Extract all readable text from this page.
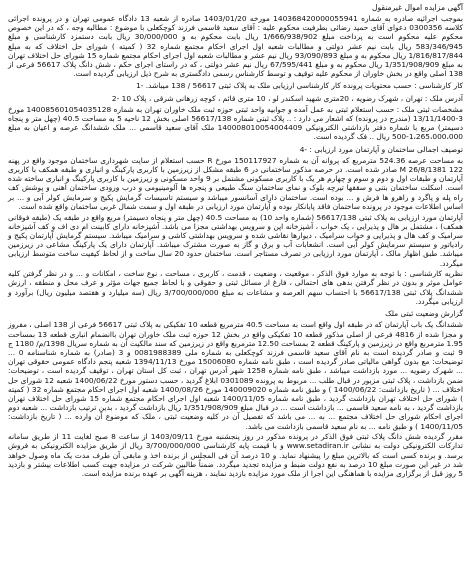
آگهی مزایده اموال غیرمنقول

بموجب اجرائیه صادره به شماره 140368420000055941 مورخه 1403/01/20 صادره از شعبه 13 دادگاه عمومی تهران و در پرونده اجرائی کلاسه 0300356 دعوای آقای حمید رضائی بطرفیت محکوم علیه : آقای سعید قاسمی فرزند کوچکعلی با موضوع : مطالبه وجه ، که در این خصوص محکوم علیه محکوم است به پرداخت مبلغ 1/666/938/902 ریال بابت محکوم به و 30/000/000 ریال بابت دستمزد کارشناسی و مبلغ 583/346/945 ریال بابت نیم عشر دولتی و مطالبات شعبه اول اجرای احکام مجتمع شماره 32 ( کمیته ) شورای حل اختلاف که به مبلغ 1/816/817/844 ریال محکوم به و مبلغ 93/090/893 ریال نیم عشر و مطالبات شعبه اول اجرای احکام مجتمع شماره 15 شورای حل اختلاف تهران به مبلغ 1/351/908/909 ریال محکوم به و مبلغ 67/595/441 ریال نیم عشر دولتی ، که در راستای اجرای حکم ، شش دانگ پلاک 56617 فرعی از 138 اصلی واقع در بخش خاوران از محکوم علیه توقیف و توسط کارشناس رسمی دادگستری به شرح ذیل ارزیابی گردیده است.

کار کارشناسی : حسب محتویات پرونده کار کارشناسی ارزیابی ملک به پلاک ثبتی 56617 / 138 میباشد. -1

آدرس ملک : تهران ، شهرک رضویه ، 20متری شهید اسکندر لو ، 10 متری قائم ، کوچه زرهانی شرقی ، پلاک 10 -2

مشخصات ثبتی ملک : حسب استعلام ثبتی به عمل آمده و جوابیه واحد ثبتی حوزه ثبت ملک خاوران تهران به شماره 140085601054035128 مورخ 3-13/11/1400 (مندرج در پرونده) که اشعار می دارد : .. پلاک ثبتی شماره 56617/138 اصلی بخش 12 ناحیه 5 به مساحت 40.5 (چهل متر و پنجاه دسیمتر) مربع با شماره دفتر بازداشتی الکترونیکی 140008010054004409 ملک آقای سعید قاسمی ... ملک ششدانگ عرصه و اعیان به مبلغ 1،265،000،000-500 ریال .. فک گردیده است.

توصیف اجمالی ساختمان و آپارتمان مورد ارزیابی : -4

به مساحت عرصه 524.36 مترمربع که پروانه آن به شماره 150117927 مورخ R حسب استعلام از سایت شهرداری ساختمان موجود واقع در پهنه 122 M 26/8/1381 صادر شده است. در حرصه مذکور ساختمانی در 6 طبقه مشکل از زیرزمین با کاربری پارکینگ و انباری و طبقه همکف با کاربری آپارتمان و طبقات اول و دوم و سوم و چهارم هر یک با کاربری مسکونی مشتمل بر 9 واحد مسکونی و زیرزمین با کاربری پارکینگ و انباری ساخته شده است. اسکلت ساختمان بتنی و سقفها تیرچه بلوک و نمای ساختمان سنگ طبیعی و پنجره ها آلومینیومی و درب ورودی ساختمان آهنی و پوشش کف راه پله و پاگرد و راهرو ها فرش و ... بوده است. ساختمان دارای آسانسور میباشد و سیستم تاسیسات گرمایش پکیج و سرمایش کولر آبی و ... بر اساس اطلاعات موجود در پرونده ساختمان فاقد پایانکار بوده و آپارتمان مورد ارزیابی در طبقه اول و سمت شمال غربی ساختمان واقع شده است.

آپارتمان مورد ارزیابی به پلاک ثبتی 56617/138 (شماره واحد 10) به مساحت 40.5 (چهل متر و پنجاه دسیمتر) مربع واقع در طبقه یک (طبقه فوقانی همکف) ، مشتمل بر هال و پذیرایی ، یک خواب ، آشپزخانه اپن و سرویس بهداشتی مجزا می باشد. آشپزخانه دارای کابینت ام دی اف و کف آشپزخانه سرامیک و کف هال و پذیرایی و خواب سرامیک ، دیوارها نقاشی شده و سرویس بهداشتی کاشی و سرامیک میباشد. سیستم گرمایش آپارتمان پکیج و رادیاتور و سیستم سرمایش کولر آبی است. انشعابات آب و برق و گاز به صورت مشترک میباشد. آپارتمان دارای یک پارکینگ مشاعی در زیرزمین میباشد. طبق اظهار مالک ، آپارتمان مورد ارزیابی در تصرف مستاجر است. ساختمان حدود 20 سال ساخت و از لحاظ کیفیت ساخت متوسط ارزیابی میگردد.

نظریه کارشناسی : با توجه به موارد فوق الذکر ، موقعیت ، وضعیت ، قدمت ، کاربری ، مساحت ، نوع ساخت ، امکانات و ... و در نظر گرفتن کلیه عوامل موثر و بدون در نظر گرفتن بدهی های احتمالی ، فارغ از مسائل ثبتی و حقوقی و با لحاظ جمیع جهات مؤثر و عرف محل و منطقه ، ارزش ششدانگ پلاک ثبتی 56617/138 با احتساب سهم العرصه و مشاعات به مبلغ 3/700/000/000 ریال (سه میلیارد و هفتصد میلیون ریال) برآورد و ارزیابی میگردد.

گزارش وضعیت ثبتی ملک

ششدانگ یک باب آپارتمان که در طبقه اول واقع است به مساحت 40.5 مترمربع قطعه 10 تفکیکی به پلاک ثبتی 56617 فرعی از 138 اصلی ، مفروز و مجزا شده از 4816 فرعی از اصلی مذکور قطعه 10 تفکیکی واقع در بخش 12 حوزه ثبت ملک خاوران تهران باانضمام انباری قطعه 13 بمساحت 1.95 مترمربع واقع در زیرزمین و پارکینگ قطعه 2 بمساحت 12.50 مترمربع واقع در زیرزمین که سند مالکیت آن به شماره سریال 1398/م/ 1180 ج 9 ثبت و صادر گردیده است به نام آقای سعید قاسمی فرزند کوچکعلی به شماره ملی 0081988389 و 3 (صادر) به شماره شناسنامه 0 ... توضیحات: مع بدون گواهی مالیاتی صادر گردیده است ، طبق نامه شماره 15006080 مورخ 1394/11/13 شعبه پنجم دادگاه عمومی حقوقی تهران ... شهرک رضویه ... مورد بازداشت میباشد ، طبق نامه شماره 1258 شهر آدرس تهران ، ثبت کل استان تهران ، توقیف گردیده است ، توضیحات: ضمن بازداشت ، پلاک ثبتی مزبور در قبال طلب ... مربوط به پرونده 0301089 ابلاغ گردید ، حسب دستور مورخ 1400/06/22 شعبه 12 شورای حل اختلاف ... ( تاریخ بازداشت: 1400/06/22 ) و طبق نامه شماره 140009020 مورخ 1400/08/26 شعبه اول اجرای احکام مجتمع شماره 32 ( کمیته ) شورای حل اختلاف تهران بازداشت گردید ، طبق نامه شماره 1400/11/05 شعبه اول اجرای احکام مجتمع شماره 15 شورای حل اختلاف تهران بازداشت گردید ، به نامه سعید قاسمی ... بازداشت است ... در قبال مبلغ 1/351/908/909 ریال بازداشت گردید ، بدین ترتیب بازداشت ... شعبه دوم اجرای احکام شورای حل اختلاف مجتمع ... به ... می باشد که تفصیل آن در کلیه وضعیت ثبتی ، ملک که موضوع آن وارده ... ( تاریخ بازداشت: 1400/11/05 ) و طبق نامه ... به نام سعید قاسمی بازداشت می باشد.

مقرر گردیده شش دانگ پلاک ثبتی فوق الذکر در پرونده مذکور در روز پنجشنبه مورخ 1403/09/11 از ساعت 8 صبح لغایت 11 از طریق سامانه تدارکات الکترونیکی دولت به نشانی www.setadiran.ir و با قیمت پایه کارشناسی 3/700/000/000 ریال از طریق مزایده الکترونیکی به فروش برسد. و برنده کسی است که بالاترین مبلغ را پیشنهاد نماید. و 10 درصد آن فی المجلس از برنده اخذ و مابقی آن طرف مدت یک ماه وصول خواهد شد در غیر این صورت مبلغ 10 درصد به نفع دولت ضبط و مزایده تجدید میگردد. ضمناً طالبین شرکت در مزایده جهت کسب اطلاعات بیشتر و بازدید 5 روز قبل از برگزاری مزایده با هماهنگی این اجرا از ملک مورد مزایده بازدید نمایند ، هزینه آگهی بر عهده برنده مزایده است.
